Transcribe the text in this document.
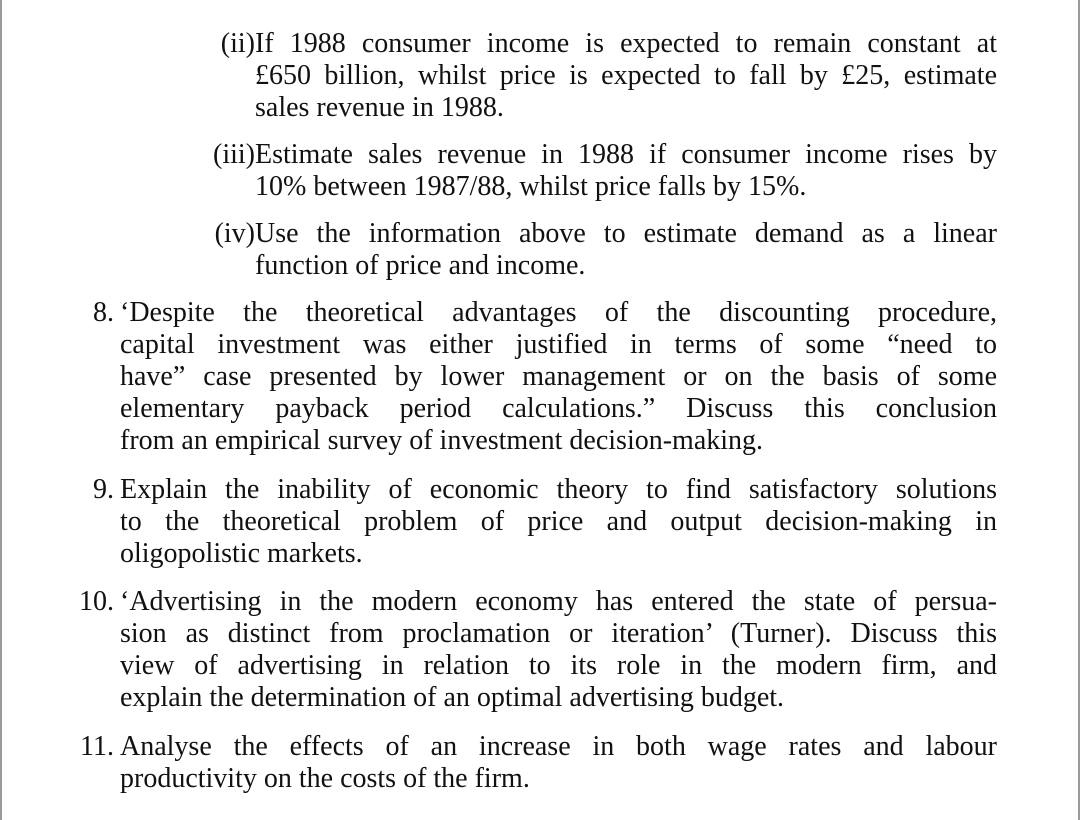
(ii) If 1988 consumer income is expected to remain constant at
£650 billion, whilst price is expected to fall by £25, estimate
sales revenue in 1988.
(iii) Estimate sales revenue in 1988 if consumer income rises by
10% between 1987/88, whilst price falls by 15%.
(iv) Use the information above to estimate demand as a linear
function of price and income.
8. ‘Despite the theoretical advantages of the discounting procedure,
capital investment was either justified in terms of some “need to
have” case presented by lower management or on the basis of some
elementary payback period calculations.” Discuss this conclusion
from an empirical survey of investment decision-making.
9. Explain the inability of economic theory to find satisfactory solutions
to the theoretical problem of price and output decision-making in
oligopolistic markets.
10. ‘Advertising in the modern economy has entered the state of persua-
sion as distinct from proclamation or iteration’ (Turner). Discuss this
view of advertising in relation to its role in the modern firm, and
explain the determination of an optimal advertising budget.
11. Analyse the effects of an increase in both wage rates and labour
productivity on the costs of the firm.
